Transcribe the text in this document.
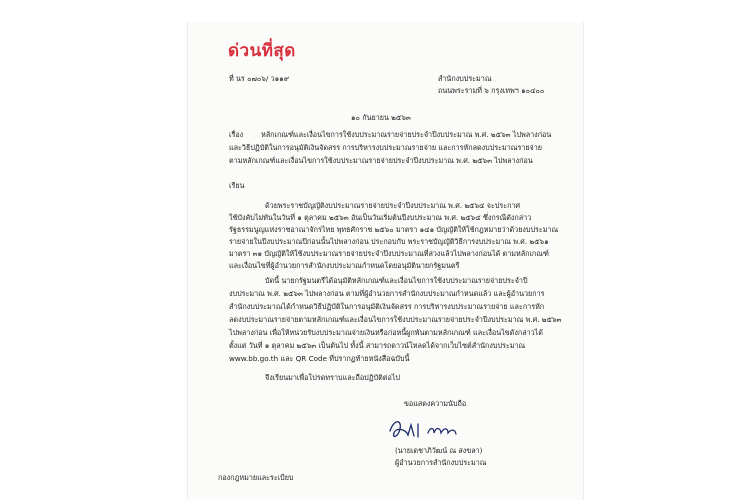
ด่วนที่สุด
ที่ นร ๐๗๐๖/ ว๑๑๙	สำนักงบประมาณ
ถนนพระรามที่ ๖ กรุงเทพฯ ๑๐๔๐๐
๑๐ กันยายน ๒๕๖๓
เรื่อง หลักเกณฑ์และเงื่อนไขการใช้งบประมาณรายจ่ายประจำปีงบประมาณ พ.ศ. ๒๕๖๓ ไปพลางก่อน
และวิธีปฏิบัติในการอนุมัติเงินจัดสรร การบริหารงบประมาณรายจ่าย และการหักลดงบประมาณรายจ่าย
ตามหลักเกณฑ์และเงื่อนไขการใช้งบประมาณรายจ่ายประจำปีงบประมาณ พ.ศ. ๒๕๖๓ ไปพลางก่อน
เรียน
ด้วยพระราชบัญญัติงบประมาณรายจ่ายประจำปีงบประมาณ พ.ศ. ๒๕๖๔ จะประกาศ
ใช้บังคับไม่ทันในวันที่ ๑ ตุลาคม ๒๕๖๓ อันเป็นวันเริ่มต้นปีงบประมาณ พ.ศ. ๒๕๖๔ ซึ่งกรณีดังกล่าว
รัฐธรรมนูญแห่งราชอาณาจักรไทย พุทธศักราช ๒๕๖๐ มาตรา ๑๔๑ บัญญัติให้ใช้กฎหมายว่าด้วยงบประมาณ
รายจ่ายในปีงบประมาณปีก่อนนั้นไปพลางก่อน ประกอบกับ พระราชบัญญัติวิธีการงบประมาณ พ.ศ. ๒๕๖๑
มาตรา ๓๑ บัญญัติให้ใช้งบประมาณรายจ่ายประจำปีงบประมาณที่ล่วงแล้วไปพลางก่อนได้ ตามหลักเกณฑ์
และเงื่อนไขที่ผู้อำนวยการสำนักงบประมาณกำหนดโดยอนุมัตินายกรัฐมนตรี
บัดนี้ นายกรัฐมนตรีได้อนุมัติหลักเกณฑ์และเงื่อนไขการใช้งบประมาณรายจ่ายประจำปี
งบประมาณ พ.ศ. ๒๕๖๓ ไปพลางก่อน ตามที่ผู้อำนวยการสำนักงบประมาณกำหนดแล้ว และผู้อำนวยการ
สำนักงบประมาณได้กำหนดวิธีปฏิบัติในการอนุมัติเงินจัดสรร การบริหารงบประมาณรายจ่าย และการหัก
ลดงบประมาณรายจ่ายตามหลักเกณฑ์และเงื่อนไขการใช้งบประมาณรายจ่ายประจำปีงบประมาณ พ.ศ. ๒๕๖๓
ไปพลางก่อน เพื่อให้หน่วยรับงบประมาณจ่ายเงินหรือก่อหนี้ผูกพันตามหลักเกณฑ์ และเงื่อนไขดังกล่าวได้
ตั้งแต่ วันที่ ๑ ตุลาคม ๒๕๖๓ เป็นต้นไป ทั้งนี้ สามารถดาวน์โหลดได้จากเว็บไซต์สำนักงบประมาณ
www.bb.go.th และ QR Code ที่ปรากฏท้ายหนังสือฉบับนี้
จึงเรียนมาเพื่อโปรดทราบและถือปฏิบัติต่อไป
ขอแสดงความนับถือ
(นายเดชาภิวัฒน์ ณ สงขลา)
ผู้อำนวยการสำนักงบประมาณ
กองกฎหมายและระเบียบ
